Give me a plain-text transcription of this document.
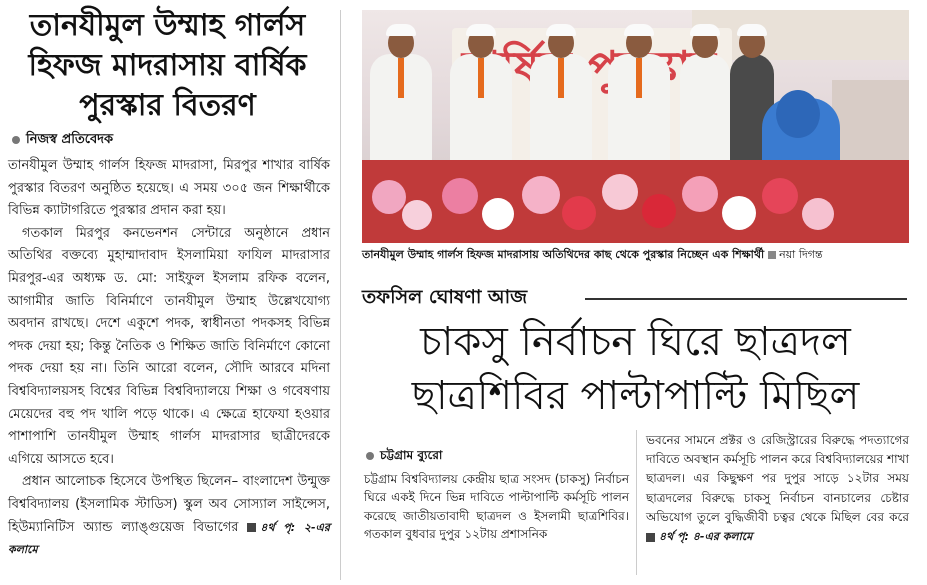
তানযীমুল উম্মাহ গার্লস হিফজ মাদরাসায় বার্ষিক পুরস্কার বিতরণ
নিজস্ব প্রতিবেদক

তানযীমুল উম্মাহ গার্লস হিফজ মাদরাসা, মিরপুর শাখার বার্ষিক পুরস্কার বিতরণ অনুষ্ঠিত হয়েছে। এ সময় ৩০৫ জন শিক্ষার্থীকে বিভিন্ন ক্যাটাগরিতে পুরস্কার প্রদান করা হয়।

গতকাল মিরপুর কনভেনশন সেন্টারে অনুষ্ঠানে প্রধান অতিথির বক্তব্যে মুহাম্মাদাবাদ ইসলামিয়া ফাযিল মাদরাসার মিরপুর-এর অধ্যক্ষ ড. মো: সাইফুল ইসলাম রফিক বলেন, আগামীর জাতি বিনির্মাণে তানযীমুল উম্মাহ উল্লেখযোগ্য অবদান রাখছে। দেশে একুশে পদক, স্বাধীনতা পদকসহ বিভিন্ন পদক দেয়া হয়; কিন্তু নৈতিক ও শিক্ষিত জাতি বিনির্মাণে কোনো পদক দেয়া হয় না। তিনি আরো বলেন, সৌদি আরবে মদিনা বিশ্ববিদ্যালয়সহ বিশ্বের বিভিন্ন বিশ্ববিদ্যালয়ে শিক্ষা ও গবেষণায় মেয়েদের বহু পদ খালি পড়ে থাকে। এ ক্ষেত্রে হাফেযা হওয়ার পাশাপাশি তানযীমুল উম্মাহ গার্লস মাদরাসার ছাত্রীদেরকে এগিয়ে আসতে হবে।

প্রধান আলোচক হিসেবে উপস্থিত ছিলেন– বাংলাদেশ উন্মুক্ত বিশ্ববিদ্যালয় (ইসলামিক স্টাডিস) স্কুল অব সোস্যাল সাইন্সেস, হিউম্যানিটিস অ্যান্ড ল্যাঙ্গুয়েজ বিভাগের ৪র্থ পৃ: ২-এর কলামে

বার্ষিক
তানযীমুল উম্মাহ গার্লস হিফজ মাদরাসায় অতিথিদের কাছ থেকে পুরস্কার নিচ্ছেন এক শিক্ষার্থী নয়া দিগন্ত
তফসিল ঘোষণা আজ
চাকসু নির্বাচন ঘিরে ছাত্রদল ছাত্রশিবির পাল্টাপাল্টি মিছিল
চট্টগ্রাম ব্যুরো

চট্টগ্রাম বিশ্ববিদ্যালয় কেন্দ্রীয় ছাত্র সংসদ (চাকসু) নির্বাচন ঘিরে একই দিনে ভিন্ন দাবিতে পাল্টাপাল্টি কর্মসূচি পালন করেছে জাতীয়তাবাদী ছাত্রদল ও ইসলামী ছাত্রশিবির। গতকাল বুধবার দুপুর ১২টায় প্রশাসনিক

ভবনের সামনে প্রক্টর ও রেজিস্ট্রারের বিরুদ্ধে পদত্যাগের দাবিতে অবস্থান কর্মসূচি পালন করে বিশ্ববিদ্যালয়ের শাখা ছাত্রদল। এর কিছুক্ষণ পর দুপুর সাড়ে ১২টার সময় ছাত্রদলের বিরুদ্ধে চাকসু নির্বাচন বানচালের চেষ্টার অভিযোগ তুলে বুদ্ধিজীবী চত্বর থেকে মিছিল বের করে ৪র্থ পৃ: ৪-এর কলামে
